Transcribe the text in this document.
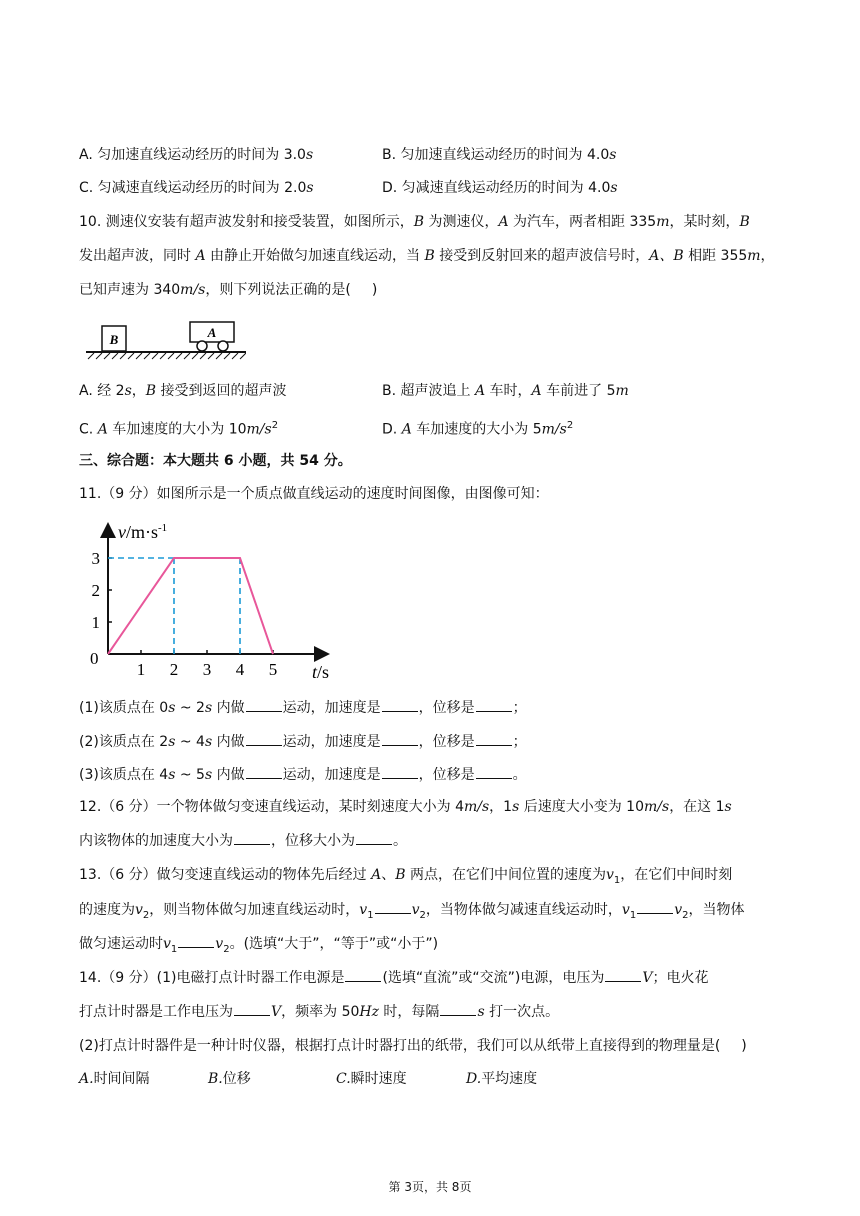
A. 匀加速直线运动经历的时间为 3.0s	B. 匀加速直线运动经历的时间为 4.0s
C. 匀减速直线运动经历的时间为 2.0s	D. 匀减速直线运动经历的时间为 4.0s
10. 测速仪安装有超声波发射和接受装置，如图所示，B 为测速仪，A 为汽车，两者相距 335m，某时刻，B
发出超声波，同时 A 由静止开始做匀加速直线运动，当 B 接受到反射回来的超声波信号时，A、B 相距 355m，
已知声速为 340m/s，则下列说法正确的是(  )
B	A
A. 经 2s，B 接受到返回的超声波	B. 超声波追上 A 车时，A 车前进了 5m
C. A 车加速度的大小为 $10m/s^2$	D. A 车加速度的大小为 $5m/s^2$
三、综合题：本大题共 6 小题，共 54 分。
11.（9 分）如图所示是一个质点做直线运动的速度时间图像，由图像可知：
$v/m\cdot s^{-1}$
t/s
0
1 2 3 4 5
1
2
3
(1)该质点在 0s ~ 2s 内做	运动，加速度是	，位移是	；
(2)该质点在 2s ~ 4s 内做	运动，加速度是	，位移是	；
(3)该质点在 4s ~ 5s 内做	运动，加速度是	，位移是	。
12.（6 分）一个物体做匀变速直线运动，某时刻速度大小为 4m/s，1s 后速度大小变为 10m/s，在这 1s
内该物体的加速度大小为	，位移大小为	。
13.（6 分）做匀变速直线运动的物体先后经过 A、B 两点，在它们中间位置的速度为$v_1$，在它们中间时刻
的速度为$v_2$，则当物体做匀加速直线运动时，$v_1$	$v_2$，当物体做匀减速直线运动时，$v_1$	$v_2$，当物体
做匀速运动时$v_1$	$v_2$。(选填“大于”，“等于”或“小于”)
14.（9 分）(1)电磁打点计时器工作电源是	(选填“直流”或“交流”)电源，电压为	V；电火花
打点计时器是工作电压为	V，频率为 50Hz 时，每隔	s 打一次点。
(2)打点计时器件是一种计时仪器，根据打点计时器打出的纸带，我们可以从纸带上直接得到的物理量是(  )
A.时间间隔	B.位移	C.瞬时速度	D.平均速度
第 3页，共 8页
